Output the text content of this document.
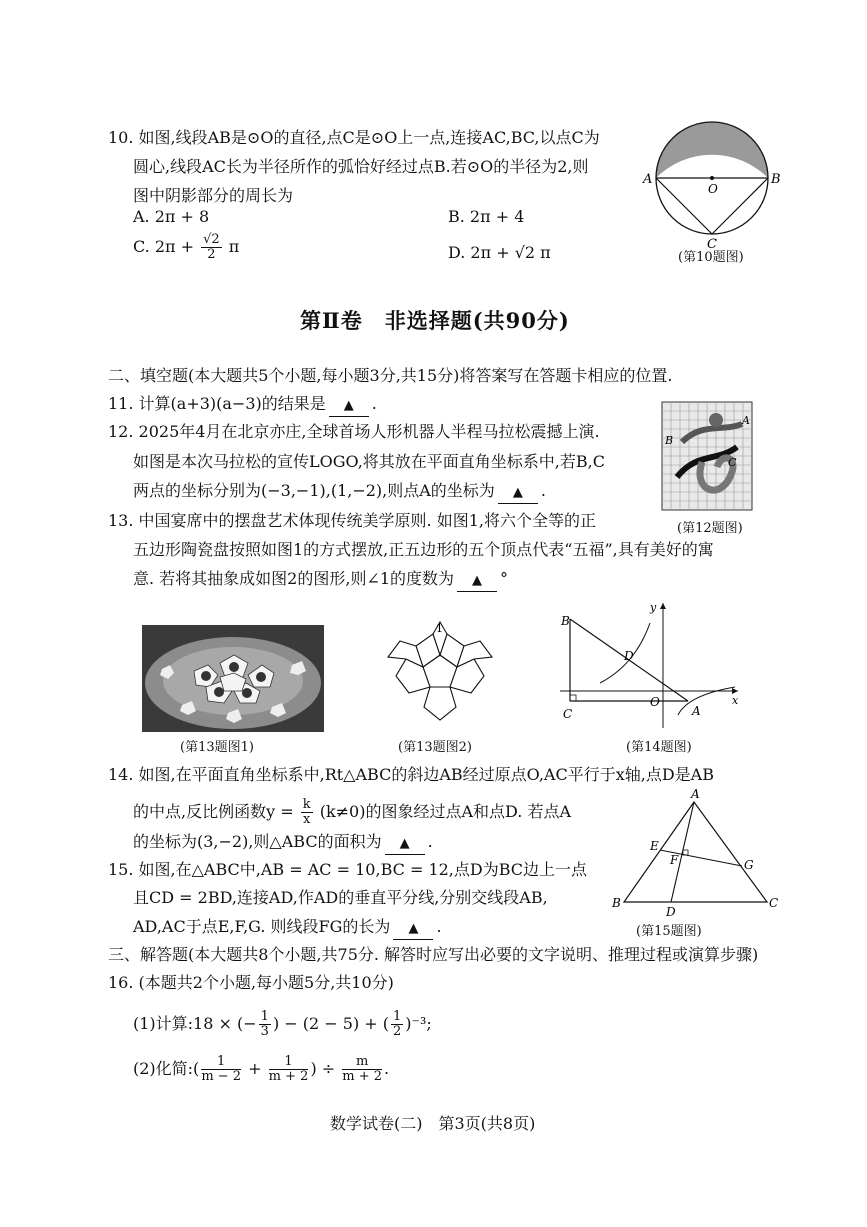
10. 如图,线段AB是⊙O的直径,点C是⊙O上一点,连接AC,BC,以点C为
圆心,线段AC长为半径所作的弧恰好经过点B.若⊙O的半径为2,则
图中阴影部分的周长为
A. 2π + 8	B. 2π + 4
C. $2\pi + \frac{√2}{2}$ π	D. 2π + √2 π
A	B
O
C
(第10题图)
第Ⅱ卷　非选择题(共90分)
二、填空题(本大题共5个小题,每小题3分,共15分)将答案写在答题卡相应的位置.
11. 计算(a+3)(a−3)的结果是 ▲ .
12. 2025年4月在北京亦庄,全球首场人形机器人半程马拉松震撼上演.
如图是本次马拉松的宣传LOGO,将其放在平面直角坐标系中,若B,C
两点的坐标分别为(−3,−1),(1,−2),则点A的坐标为 ▲ .
B
A
C
(第12题图)
13. 中国宴席中的摆盘艺术体现传统美学原则. 如图1,将六个全等的正
五边形陶瓷盘按照如图1的方式摆放,正五边形的五个顶点代表“五福”,具有美好的寓
意. 若将其抽象成如图2的图形,则∠1的度数为 ▲ °
(第13题图1)
1
(第13题图2)
B
D
O
A
C
x
y
(第14题图)
14. 如图,在平面直角坐标系中,Rt△ABC的斜边AB经过原点O,AC平行于x轴,点D是AB
的中点,反比例函数$y = \frac{k}{x} (k\ne 0)$的图象经过点A和点D. 若点A
的坐标为(3,−2),则△ABC的面积为 ▲ .
15. 如图,在△ABC中,AB = AC = 10,BC = 12,点D为BC边上一点
且CD = 2BD,连接AD,作AD的垂直平分线,分别交线段AB,
AD,AC于点E,F,G. 则线段FG的长为 ▲ .
A
E
F	G
B
D
C
(第15题图)
三、解答题(本大题共8个小题,共75分. 解答时应写出必要的文字说明、推理过程或演算步骤)
16. (本题共2个小题,每小题5分,共10分)
(1)计算:18 × (− $\frac{1}{3}$ ) − (2 − 5) + ( $\frac{1}{2} )^{-3}$;
(2)化简:( $\frac{1}{m - 2} + \frac{1}{m + 2}$ ) ÷ $\frac{m}{m + 2}$ .
数学试卷(二)　第3页(共8页)
